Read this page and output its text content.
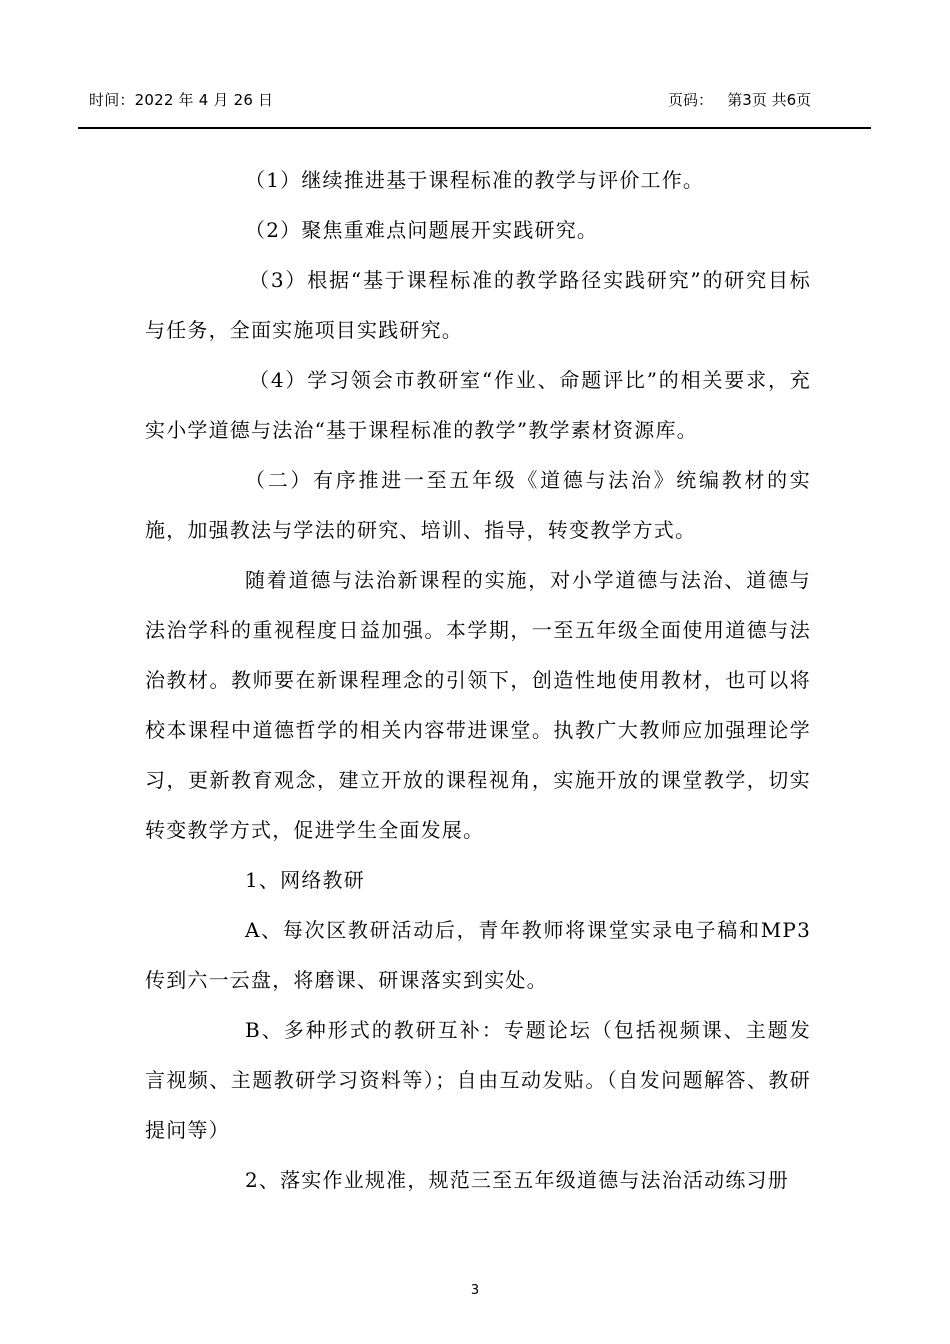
时间：2022 年 4 月 26 日	页码：   第3页 共6页

（1）继续推进基于课程标准的教学与评价工作。

（2）聚焦重难点问题展开实践研究。

（3）根据“基于课程标准的教学路径实践研究”的研究目标与任务，全面实施项目实践研究。

（4）学习领会市教研室“作业、命题评比”的相关要求，充实小学道德与法治“基于课程标准的教学”教学素材资源库。

（二）有序推进一至五年级《道德与法治》统编教材的实施，加强教法与学法的研究、培训、指导，转变教学方式。

随着道德与法治新课程的实施，对小学道德与法治、道德与法治学科的重视程度日益加强。本学期，一至五年级全面使用道德与法治教材。教师要在新课程理念的引领下，创造性地使用教材，也可以将校本课程中道德哲学的相关内容带进课堂。执教广大教师应加强理论学习，更新教育观念，建立开放的课程视角，实施开放的课堂教学，切实转变教学方式，促进学生全面发展。

1、网络教研

A、每次区教研活动后，青年教师将课堂实录电子稿和MP3传到六一云盘，将磨课、研课落实到实处。

B、多种形式的教研互补：专题论坛（包括视频课、主题发言视频、主题教研学习资料等）；自由互动发贴。（自发问题解答、教研提问等）

2、落实作业规准，规范三至五年级道德与法治活动练习册

3
